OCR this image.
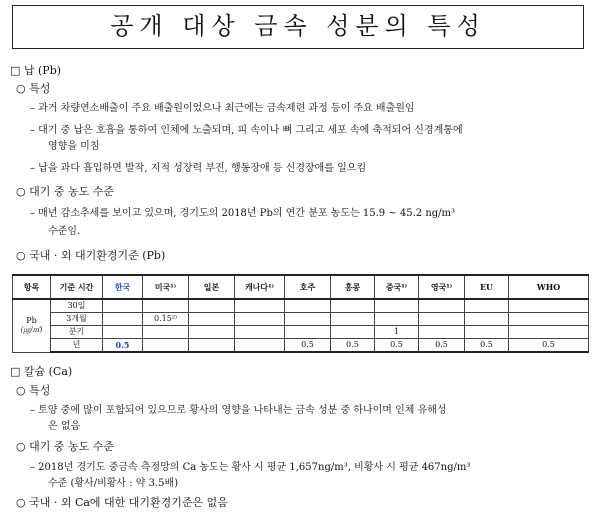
공개 대상 금속 성분의 특성
□ 납 (Pb)
○ 특성
– 과거 차량연소배출이 주요 배출원이었으나 최근에는 금속제련 과정 등이 주요 배출원임
– 대기 중 납은 호흡을 통하여 인체에 노출되며, 피 속이나 뼈 그리고 세포 속에 축적되어 신경계통에
영향을 미침
– 납을 과다 흡입하면 발작, 지적 성장력 부진, 행동장애 등 신경장애를 일으킴
○ 대기 중 농도 수준
– 매년 감소추세를 보이고 있으며, 경기도의 2018년 Pb의 연간 분포 농도는 15.9 ~ 45.2 ng/m³
수준임.
○ 국내 · 외 대기환경기준 (Pb)
항목	기준 시간	한국	미국¹⁾	일본	캐나다¹⁾	호주	홍콩	중국¹⁾	영국¹⁾	EU	WHO

Pb
(㎍/㎥)	30일										
	3개월		0.15²⁾								
	분기							1			
	년	0.5				0.5	0.5	0.5	0.5	0.5	0.5
□ 칼슘 (Ca)
○ 특성
– 토양 중에 많이 포함되어 있으므로 황사의 영향을 나타내는 금속 성분 중 하나이며 인체 유해성
은 없음
○ 대기 중 농도 수준
– 2018년 경기도 중금속 측정망의 Ca 농도는 황사 시 평균 1,657ng/m³, 비황사 시 평균 467ng/m³
수준 (황사/비황사 : 약 3.5배)
○ 국내 · 외 Ca에 대한 대기환경기준은 없음
